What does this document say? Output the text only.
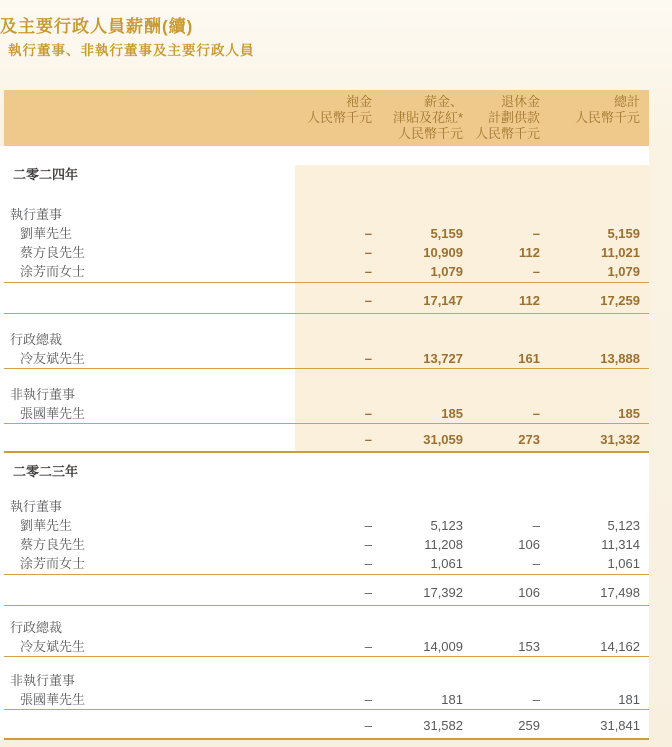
及主要行政人員薪酬(續)
執行董事、非執行董事及主要行政人員
袍金
人民幣千元
薪金、
津貼及花紅*
人民幣千元
退休金
計劃供款
人民幣千元
總計
人民幣千元
二零二四年
執行董事
劉華先生	–	5,159	–	5,159
蔡方良先生	–	10,909	112	11,021
涂芳而女士	–	1,079	–	1,079
–	17,147	112	17,259
行政總裁
冷友斌先生	–	13,727	161	13,888
非執行董事
張國華先生	–	185	–	185
–	31,059	273	31,332
二零二三年
執行董事
劉華先生	–	5,123	–	5,123
蔡方良先生	–	11,208	106	11,314
涂芳而女士	–	1,061	–	1,061
–	17,392	106	17,498
行政總裁
冷友斌先生	–	14,009	153	14,162
非執行董事
張國華先生	–	181	–	181
–	31,582	259	31,841
